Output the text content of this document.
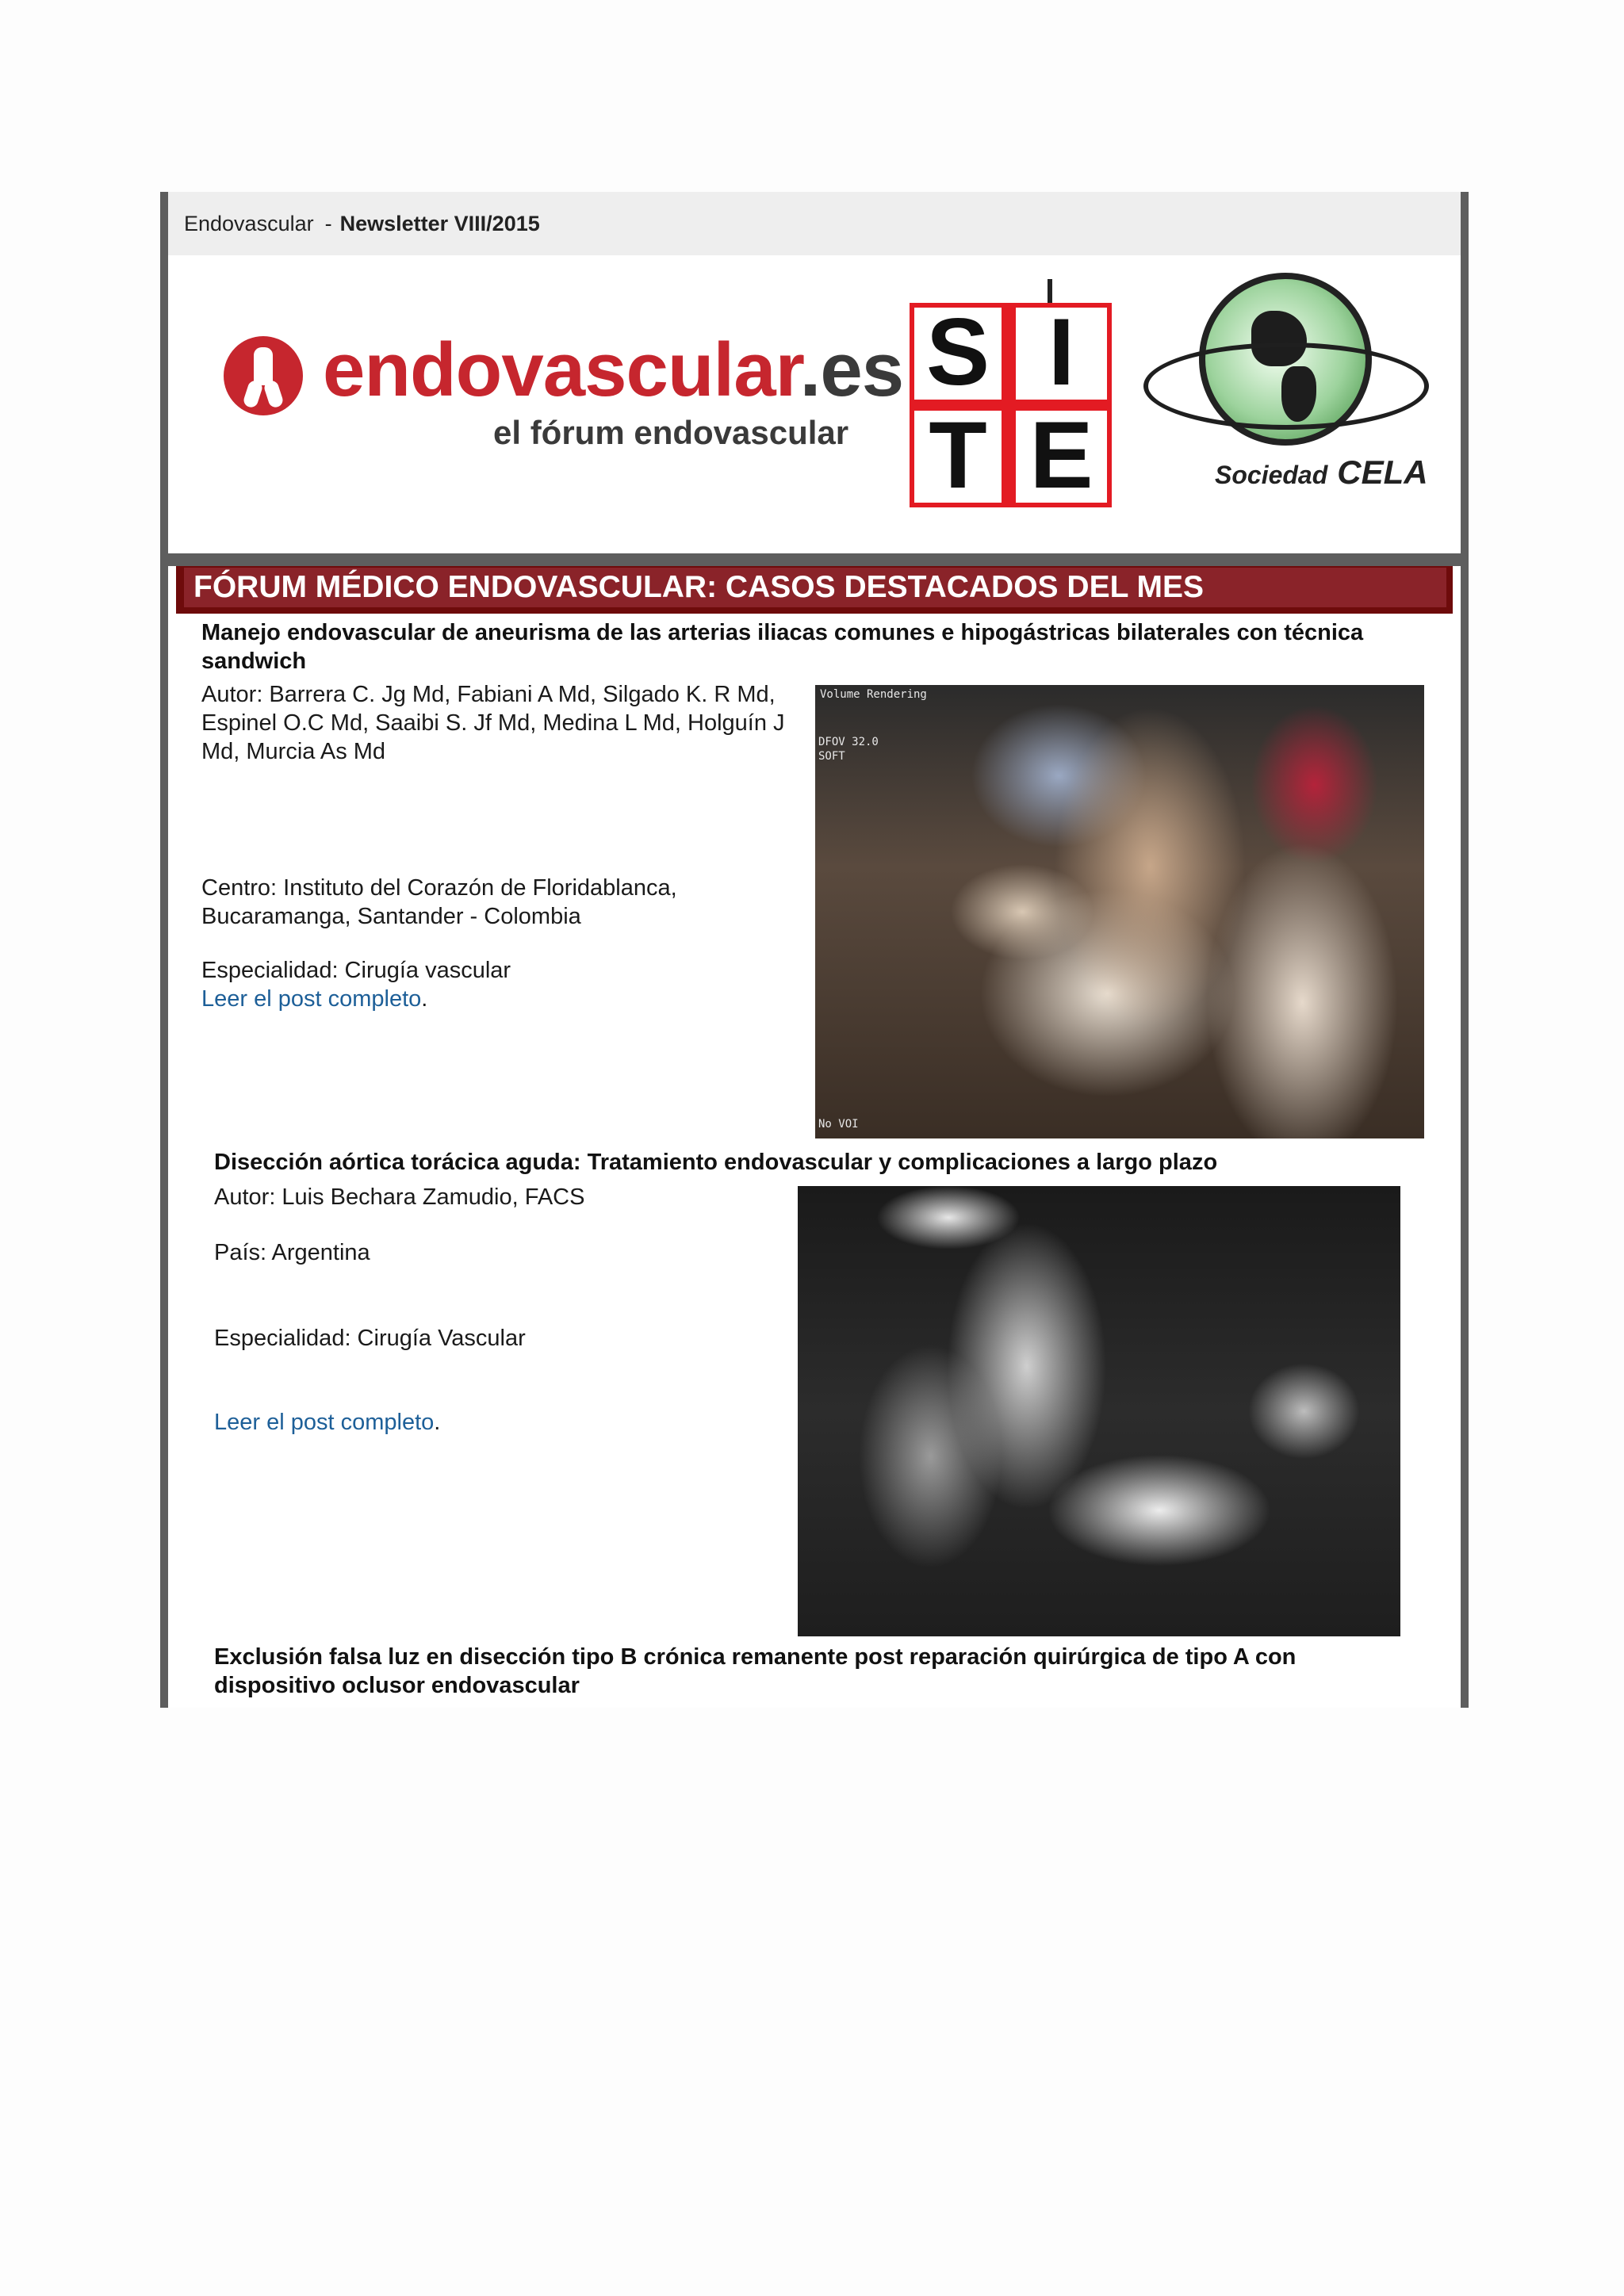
Endovascular - Newsletter VIII/2015
endovascular.es
el fórum endovascular
S I
T E	Sociedad CELA
FÓRUM MÉDICO ENDOVASCULAR: CASOS DESTACADOS DEL MES
Manejo endovascular de aneurisma de las arterias iliacas comunes e hipogástricas bilaterales con técnica sandwich
Autor: Barrera C. Jg Md, Fabiani A Md, Silgado K. R Md, Espinel O.C Md, Saaibi S. Jf Md, Medina L Md, Holguín J Md, Murcia As Md
Centro: Instituto del Corazón de Floridablanca, Bucaramanga, Santander - Colombia
Especialidad: Cirugía vascular
Leer el post completo.
Volume Rendering
DFOV 32.0
SOFT
No VOI
Disección aórtica torácica aguda: Tratamiento endovascular y complicaciones a largo plazo
Autor: Luis Bechara Zamudio, FACS
País: Argentina
Especialidad: Cirugía Vascular
Leer el post completo.
Exclusión falsa luz en disección tipo B crónica remanente post reparación quirúrgica de tipo A con dispositivo oclusor endovascular
